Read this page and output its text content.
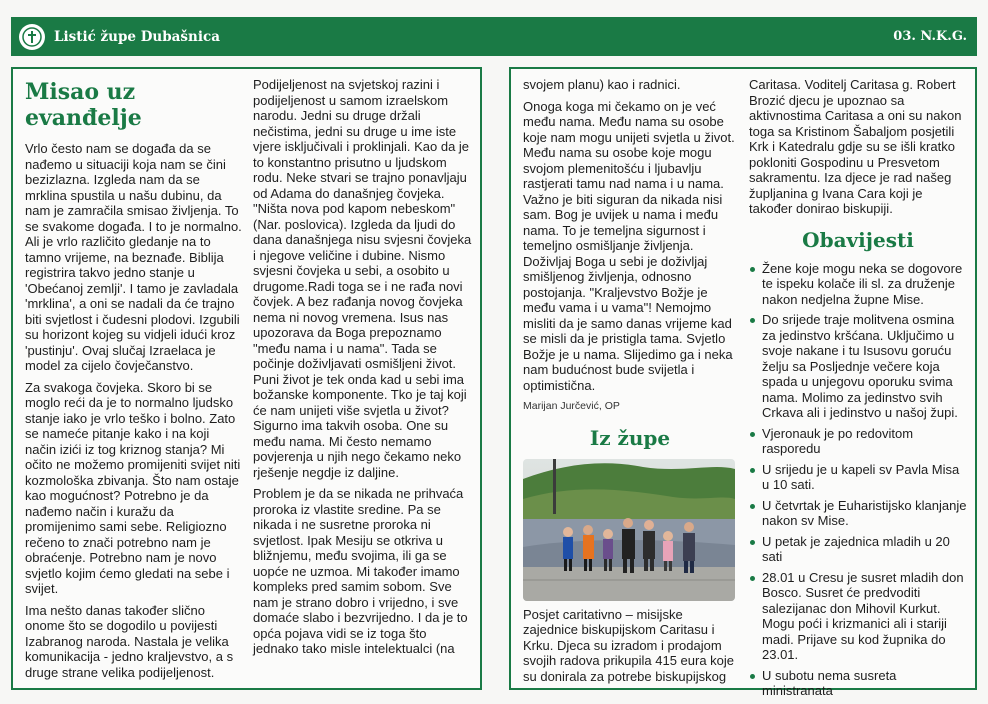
Listić župe Dubašnica	03. N.K.G.
Misao uz evanđelje

Vrlo često nam se događa da se nađemo u situaciji koja nam se čini bezizlazna. Izgleda nam da se mrklina spustila u našu dubinu, da nam je zamračila smisao življenja. To se svakome događa. I to je normalno. Ali je vrlo različito gledanje na to tamno vrijeme, na beznađe. Biblija registrira takvo jedno stanje u 'Obećanoj zemlji'. I tamo je zavladala 'mrklina', a oni se nadali da će trajno biti svjetlost i čudesni plodovi. Izgubili su horizont kojeg su vidjeli idući kroz 'pustinju'. Ovaj slučaj Izraelaca je model za cijelo čovječanstvo.

Za svakoga čovjeka. Skoro bi se moglo reći da je to normalno ljudsko stanje iako je vrlo teško i bolno. Zato se nameće pitanje kako i na koji način izići iz tog kriznog stanja? Mi očito ne možemo promijeniti svijet niti kozmološka zbivanja. Što nam ostaje kao mogućnost? Potrebno je da nađemo način i kuražu da promijenimo sami sebe. Religiozno rečeno to znači potrebno nam je obraćenje. Potrebno nam je novo svjetlo kojim ćemo gledati na sebe i svijet.

Ima nešto danas također slično onome što se dogodilo u povijesti Izabranog naroda. Nastala je velika komunikacija - jedno kraljevstvo, a s druge strane velika podijeljenost.

Podijeljenost na svjetskoj razini i podijeljenost u samom izraelskom narodu. Jedni su druge držali nečistima, jedni su druge u ime iste vjere isključivali i proklinjali. Kao da je to konstantno prisutno u ljudskom rodu. Neke stvari se trajno ponavljaju od Adama do današnjeg čovjeka. "Ništa nova pod kapom nebeskom" (Nar. poslovica). Izgleda da ljudi do dana današnjega nisu svjesni čovjeka i njegove veličine i dubine. Nismo svjesni čovjeka u sebi, a osobito u drugome.Radi toga se i ne rađa novi čovjek. A bez rađanja novog čovjeka nema ni novog vremena. Isus nas upozorava da Boga prepoznamo "među nama i u nama". Tada se počinje doživljavati osmišljeni život. Puni život je tek onda kad u sebi ima božanske komponente. Tko je taj koji će nam unijeti više svjetla u život? Sigurno ima takvih osoba. One su među nama. Mi često nemamo povjerenja u njih nego čekamo neko rješenje negdje iz daljine.

Problem je da se nikada ne prihvaća proroka iz vlastite sredine. Pa se nikada i ne susretne proroka ni svjetlost. Ipak Mesiju se otkriva u bližnjemu, među svojima, ili ga se uopće ne uzmoa. Mi također imamo kompleks pred samim sobom. Sve nam je strano dobro i vrijedno, i sve domaće slabo i bezvrijedno. I da je to opća pojava vidi se iz toga što jednako tako misle intelektualci (na

svojem planu) kao i radnici.

Onoga koga mi čekamo on je već među nama. Među nama su osobe koje nam mogu unijeti svjetla u život. Među nama su osobe koje mogu svojom plemenitošću i ljubavlju rastjerati tamu nad nama i u nama. Važno je biti siguran da nikada nisi sam. Bog je uvijek u nama i među nama. To je temeljna sigurnost i temeljno osmišljanje življenja. Doživljaj Boga u sebi je doživljaj smišljenog življenja, odnosno postojanja. "Kraljevstvo Božje je među vama i u vama"! Nemojmo misliti da je samo danas vrijeme kad se misli da je pristigla tama. Svjetlo Božje je u nama. Slijedimo ga i neka nam budućnost bude svijetla i optimistična.

Marijan Jurčević, OP
Iz župe

Posjet caritativno – misijske zajednice biskupijskom Caritasu i Krku. Djeca su izradom i prodajom svojih radova prikupila 415 eura koje su donirala za potrebe biskupijskog

Caritasa. Voditelj Caritasa g. Robert Brozić djecu je upoznao sa aktivnostima Caritasa a oni su nakon toga sa Kristinom Šabaljom posjetili Krk i Katedralu gdje su se išli kratko pokloniti Gospodinu u Presvetom sakramentu. Iza djece je rad našeg župljanina g Ivana Cara koji je također donirao biskupiji.

Obavijesti
Žene koje mogu neka se dogovore te ispeku kolače ili sl. za druženje nakon nedjelna župne Mise.
Do srijede traje molitvena osmina za jedinstvo kršćana. Uključimo u svoje nakane i tu Isusovu goruću želju sa Posljednje večere koja spada u unjegovu oporuku svima nama. Molimo za jedinstvo svih Crkava ali i jedinstvo u našoj župi.
Vjeronauk je po redovitom rasporedu
U srijedu je u kapeli sv Pavla Misa u 10 sati.
U četvrtak je Euharistijsko klanjanje nakon sv Mise.
U petak je zajednica mladih u 20 sati
28.01 u Cresu je susret mladih don Bosco. Susret će predvoditi salezijanac don Mihovil Kurkut. Mogu poći i krizmanici ali i stariji madi. Prijave su kod župnika do 23.01.
U subotu nema susreta ministranata
